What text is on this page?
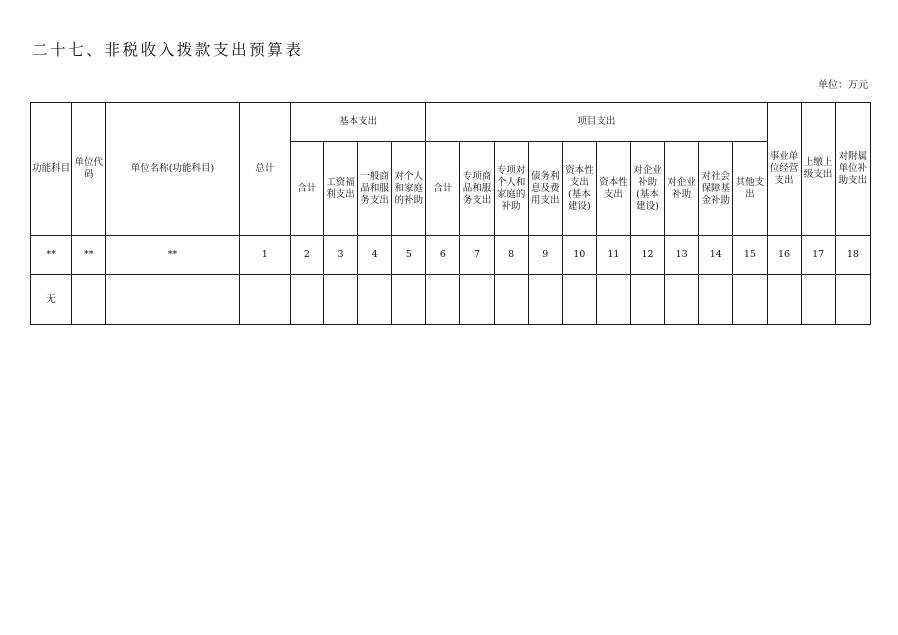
二十七、非税收入拨款支出预算表
单位：万元
功能科目	单位代码	单位名称(功能科目)	总计	基本支出				项目支出										事业单位经营支出	上缴上级支出	对附属单位补助支出
				合计	工资福利支出	一般商品和服务支出	对个人和家庭的补助	合计	专项商品和服务支出	专项对个人和家庭的补助	债务利息及费用支出	资本性支出(基本建设)	资本性支出	对企业补助(基本建设)	对企业补助	对社会保障基金补助	其他支出			
**	**	**	1	2	3	4	5	6	7	8	9	10	11	12	13	14	15	16	17	18
无																				
